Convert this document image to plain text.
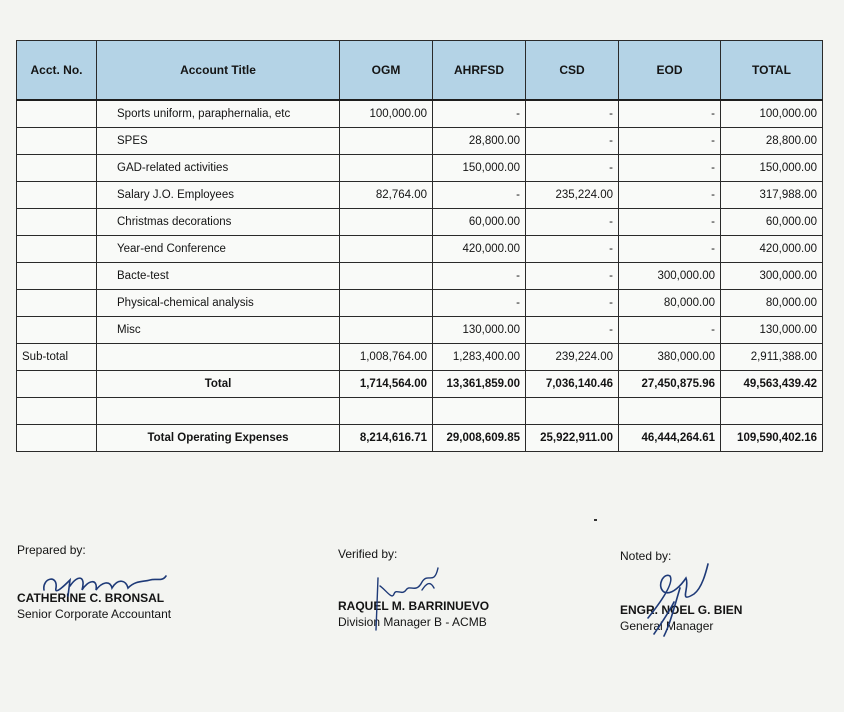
Acct. No.	Account Title	OGM	AHRFSD	CSD	EOD	TOTAL
	Sports uniform, paraphernalia, etc	100,000.00	-	-	-	100,000.00
	SPES		28,800.00	-	-	28,800.00
	GAD-related activities		150,000.00	-	-	150,000.00
	Salary J.O. Employees	82,764.00	-	235,224.00	-	317,988.00
	Christmas decorations		60,000.00	-	-	60,000.00
	Year-end Conference		420,000.00	-	-	420,000.00
	Bacte-test		-	-	300,000.00	300,000.00
	Physical-chemical analysis		-	-	80,000.00	80,000.00
	Misc		130,000.00	-	-	130,000.00
Sub-total		1,008,764.00	1,283,400.00	239,224.00	380,000.00	2,911,388.00
	Total	1,714,564.00	13,361,859.00	7,036,140.46	27,450,875.96	49,563,439.42

	Total Operating Expenses	8,214,616.71	29,008,609.85	25,922,911.00	46,444,264.61	109,590,402.16
Prepared by:
CATHERINE C. BRONSAL
Senior Corporate Accountant
Verified by:
RAQUEL M. BARRINUEVO
Division Manager B - ACMB
Noted by:
ENGR. NOEL G. BIEN
General Manager
